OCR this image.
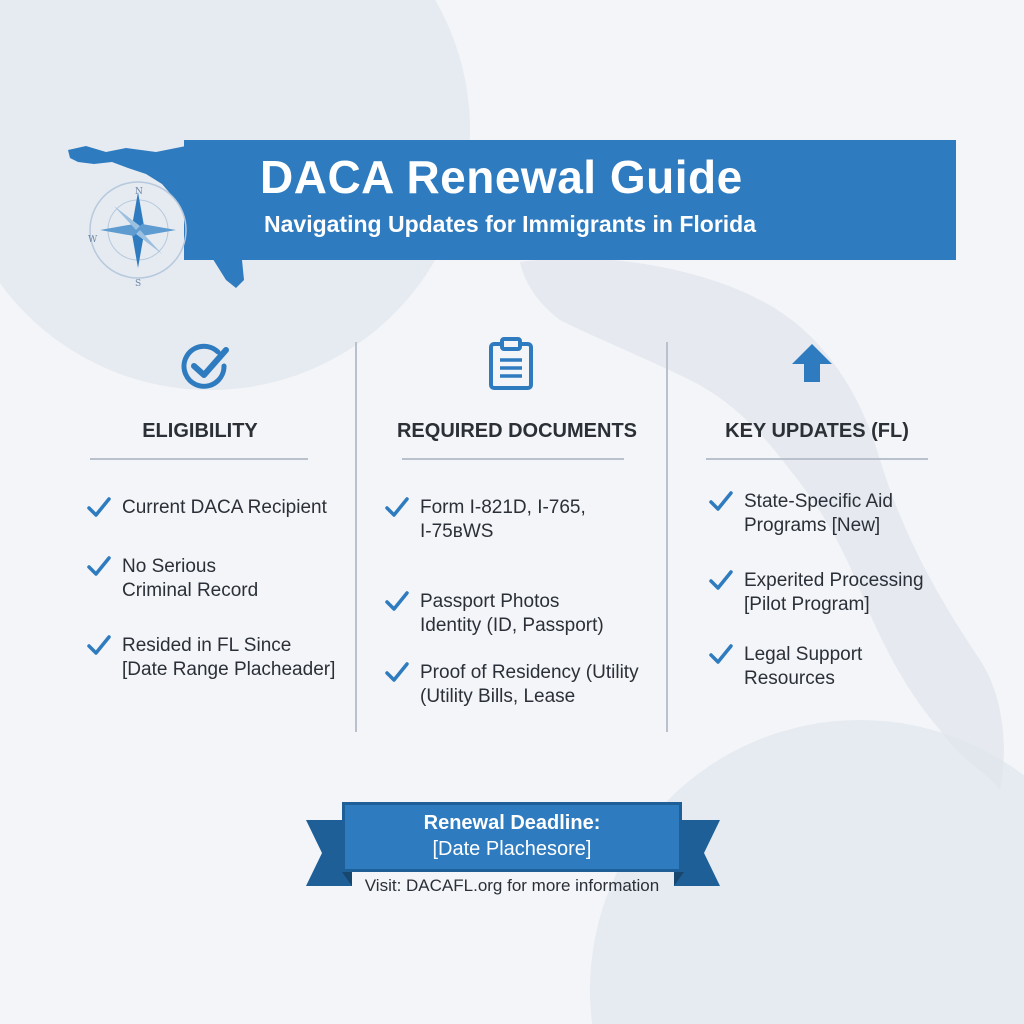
N
W
S
DACA Renewal Guide
Navigating Updates for Immigrants in Florida
ELIGIBILITY
Current DACA Recipient
No Serious
Criminal Record
Resided in FL Since
[Date Range Placheader]
REQUIRED DOCUMENTS
Form I-821D, I-765,
I-75ʙWS
Passport Photos
Identity (ID, Passport)
Proof of Residency (Utility
(Utility Bills, Lease
KEY UPDATES (FL)
State-Specific Aid
Programs [New]
Experited Processing
[Pilot Program]
Legal Support
Resources
Renewal Deadline:
[Date Plachesore]
Visit: DACAFL.org for more information
